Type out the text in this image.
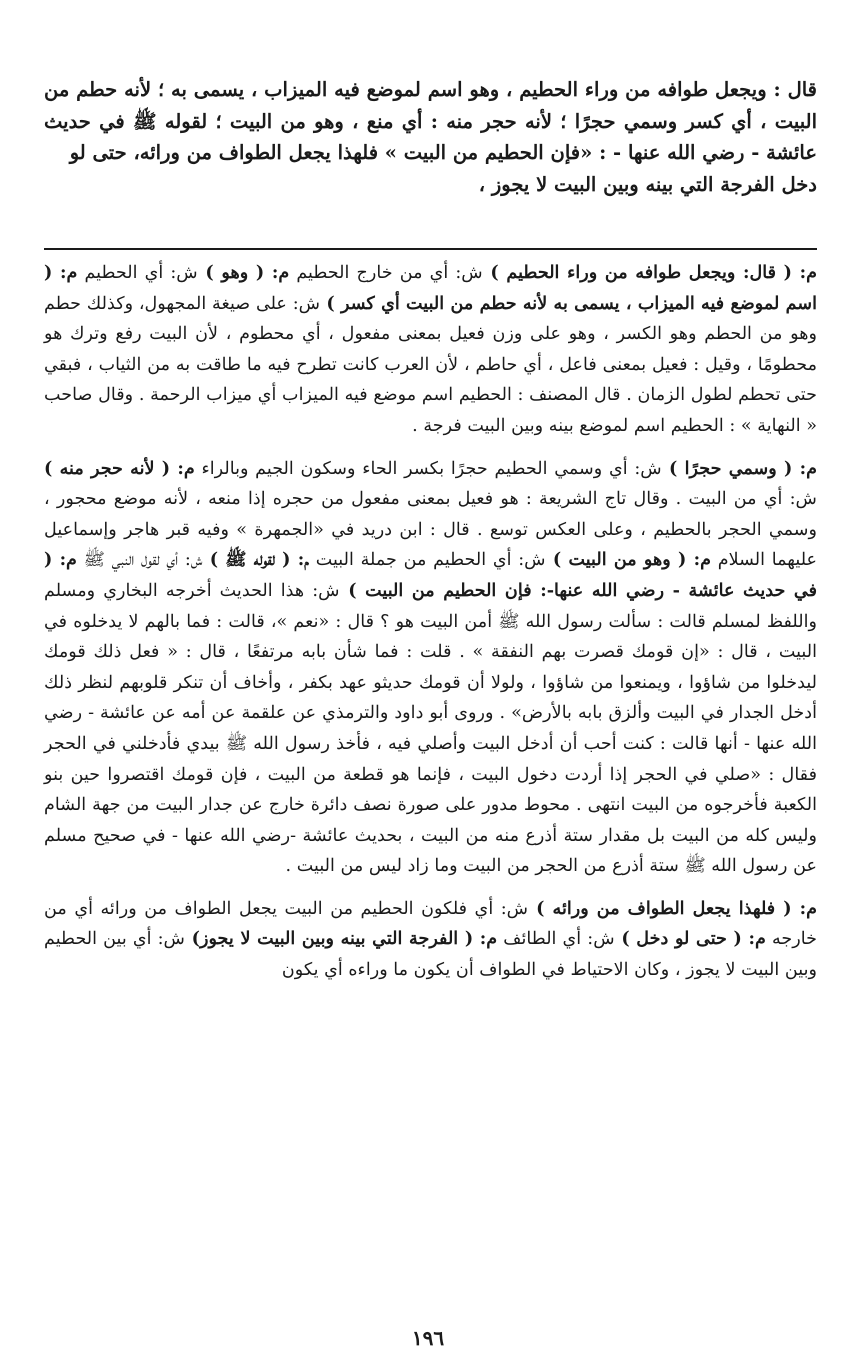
قال : ويجعل طوافه من وراء الحطيم ، وهو اسم لموضع فيه الميزاب ، يسمى به ؛ لأنه حطم من البيت ، أي كسر وسمي حجرًا ؛ لأنه حجر منه : أي منع ، وهو من البيت ؛ لقوله ﷺ في حديث عائشة - رضي الله عنها - : «فإن الحطيم من البيت » فلهذا يجعل الطواف من ورائه، حتى لو
دخل الفرجة التي بينه وبين البيت لا يجوز ،

م: ( قال: ويجعل طوافه من وراء الحطيم ) ش: أي من خارج الحطيم م: ( وهو ) ش: أي الحطيم م: ( اسم لموضع فيه الميزاب ، يسمى به لأنه حطم من البيت أي كسر ) ش: على صيغة المجهول، وكذلك حطم وهو من الحطم وهو الكسر ، وهو على وزن فعيل بمعنى مفعول ، أي محطوم ، لأن البيت رفع وترك هو محطومًا ، وقيل : فعيل بمعنى فاعل ، أي حاطم ، لأن العرب كانت تطرح فيه ما طاقت به من الثياب ، فبقي حتى تحطم لطول الزمان . قال المصنف : الحطيم اسم موضع فيه الميزاب أي ميزاب الرحمة . وقال صاحب « النهاية » : الحطيم اسم لموضع بينه وبين البيت فرجة .

م: ( وسمي حجرًا ) ش: أي وسمي الحطيم حجرًا بكسر الحاء وسكون الجيم وبالراء م: ( لأنه حجر منه ) ش: أي من البيت . وقال تاج الشريعة : هو فعيل بمعنى مفعول من حجره إذا منعه ، لأنه موضع محجور ، وسمي الحجر بالحطيم ، وعلى العكس توسع . قال : ابن دريد في «الجمهرة » وفيه قبر هاجر وإسماعيل عليهما السلام م: ( وهو من البيت ) ش: أي الحطيم من جملة البيت م: ( لقوله ﷺ ) ش: أي لقول النبي ﷺ م: ( في حديث عائشة - رضي الله عنها-: فإن الحطيم من البيت ) ش: هذا الحديث أخرجه البخاري ومسلم واللفظ لمسلم قالت : سألت رسول الله ﷺ أمن البيت هو ؟ قال : «نعم »، قالت : فما بالهم لا يدخلوه في البيت ، قال : «إن قومك قصرت بهم النفقة » . قلت : فما شأن بابه مرتفعًا ، قال : « فعل ذلك قومك ليدخلوا من شاؤوا ، ويمنعوا من شاؤوا ، ولولا أن قومك حديثو عهد بكفر ، وأخاف أن تنكر قلوبهم لنظر ذلك أدخل الجدار في البيت وألزق بابه بالأرض» . وروى أبو داود والترمذي عن علقمة عن أمه عن عائشة - رضي الله عنها - أنها قالت : كنت أحب أن أدخل البيت وأصلي فيه ، فأخذ رسول الله ﷺ بيدي فأدخلني في الحجر فقال : «صلي في الحجر إذا أردت دخول البيت ، فإنما هو قطعة من البيت ، فإن قومك اقتصروا حين بنو الكعبة فأخرجوه من البيت انتهى . محوط مدور على صورة نصف دائرة خارج عن جدار البيت من جهة الشام وليس كله من البيت بل مقدار ستة أذرع منه من البيت ، بحديث عائشة -رضي الله عنها - في صحيح مسلم عن رسول الله ﷺ ستة أذرع من الحجر من البيت وما زاد ليس من البيت .

م: ( فلهذا يجعل الطواف من ورائه ) ش: أي فلكون الحطيم من البيت يجعل الطواف من ورائه أي من خارجه م: ( حتى لو دخل ) ش: أي الطائف م: ( الفرجة التي بينه وبين البيت لا يجوز) ش: أي بين الحطيم وبين البيت لا يجوز ، وكان الاحتياط في الطواف أن يكون ما وراءه أي يكون

١٩٦
